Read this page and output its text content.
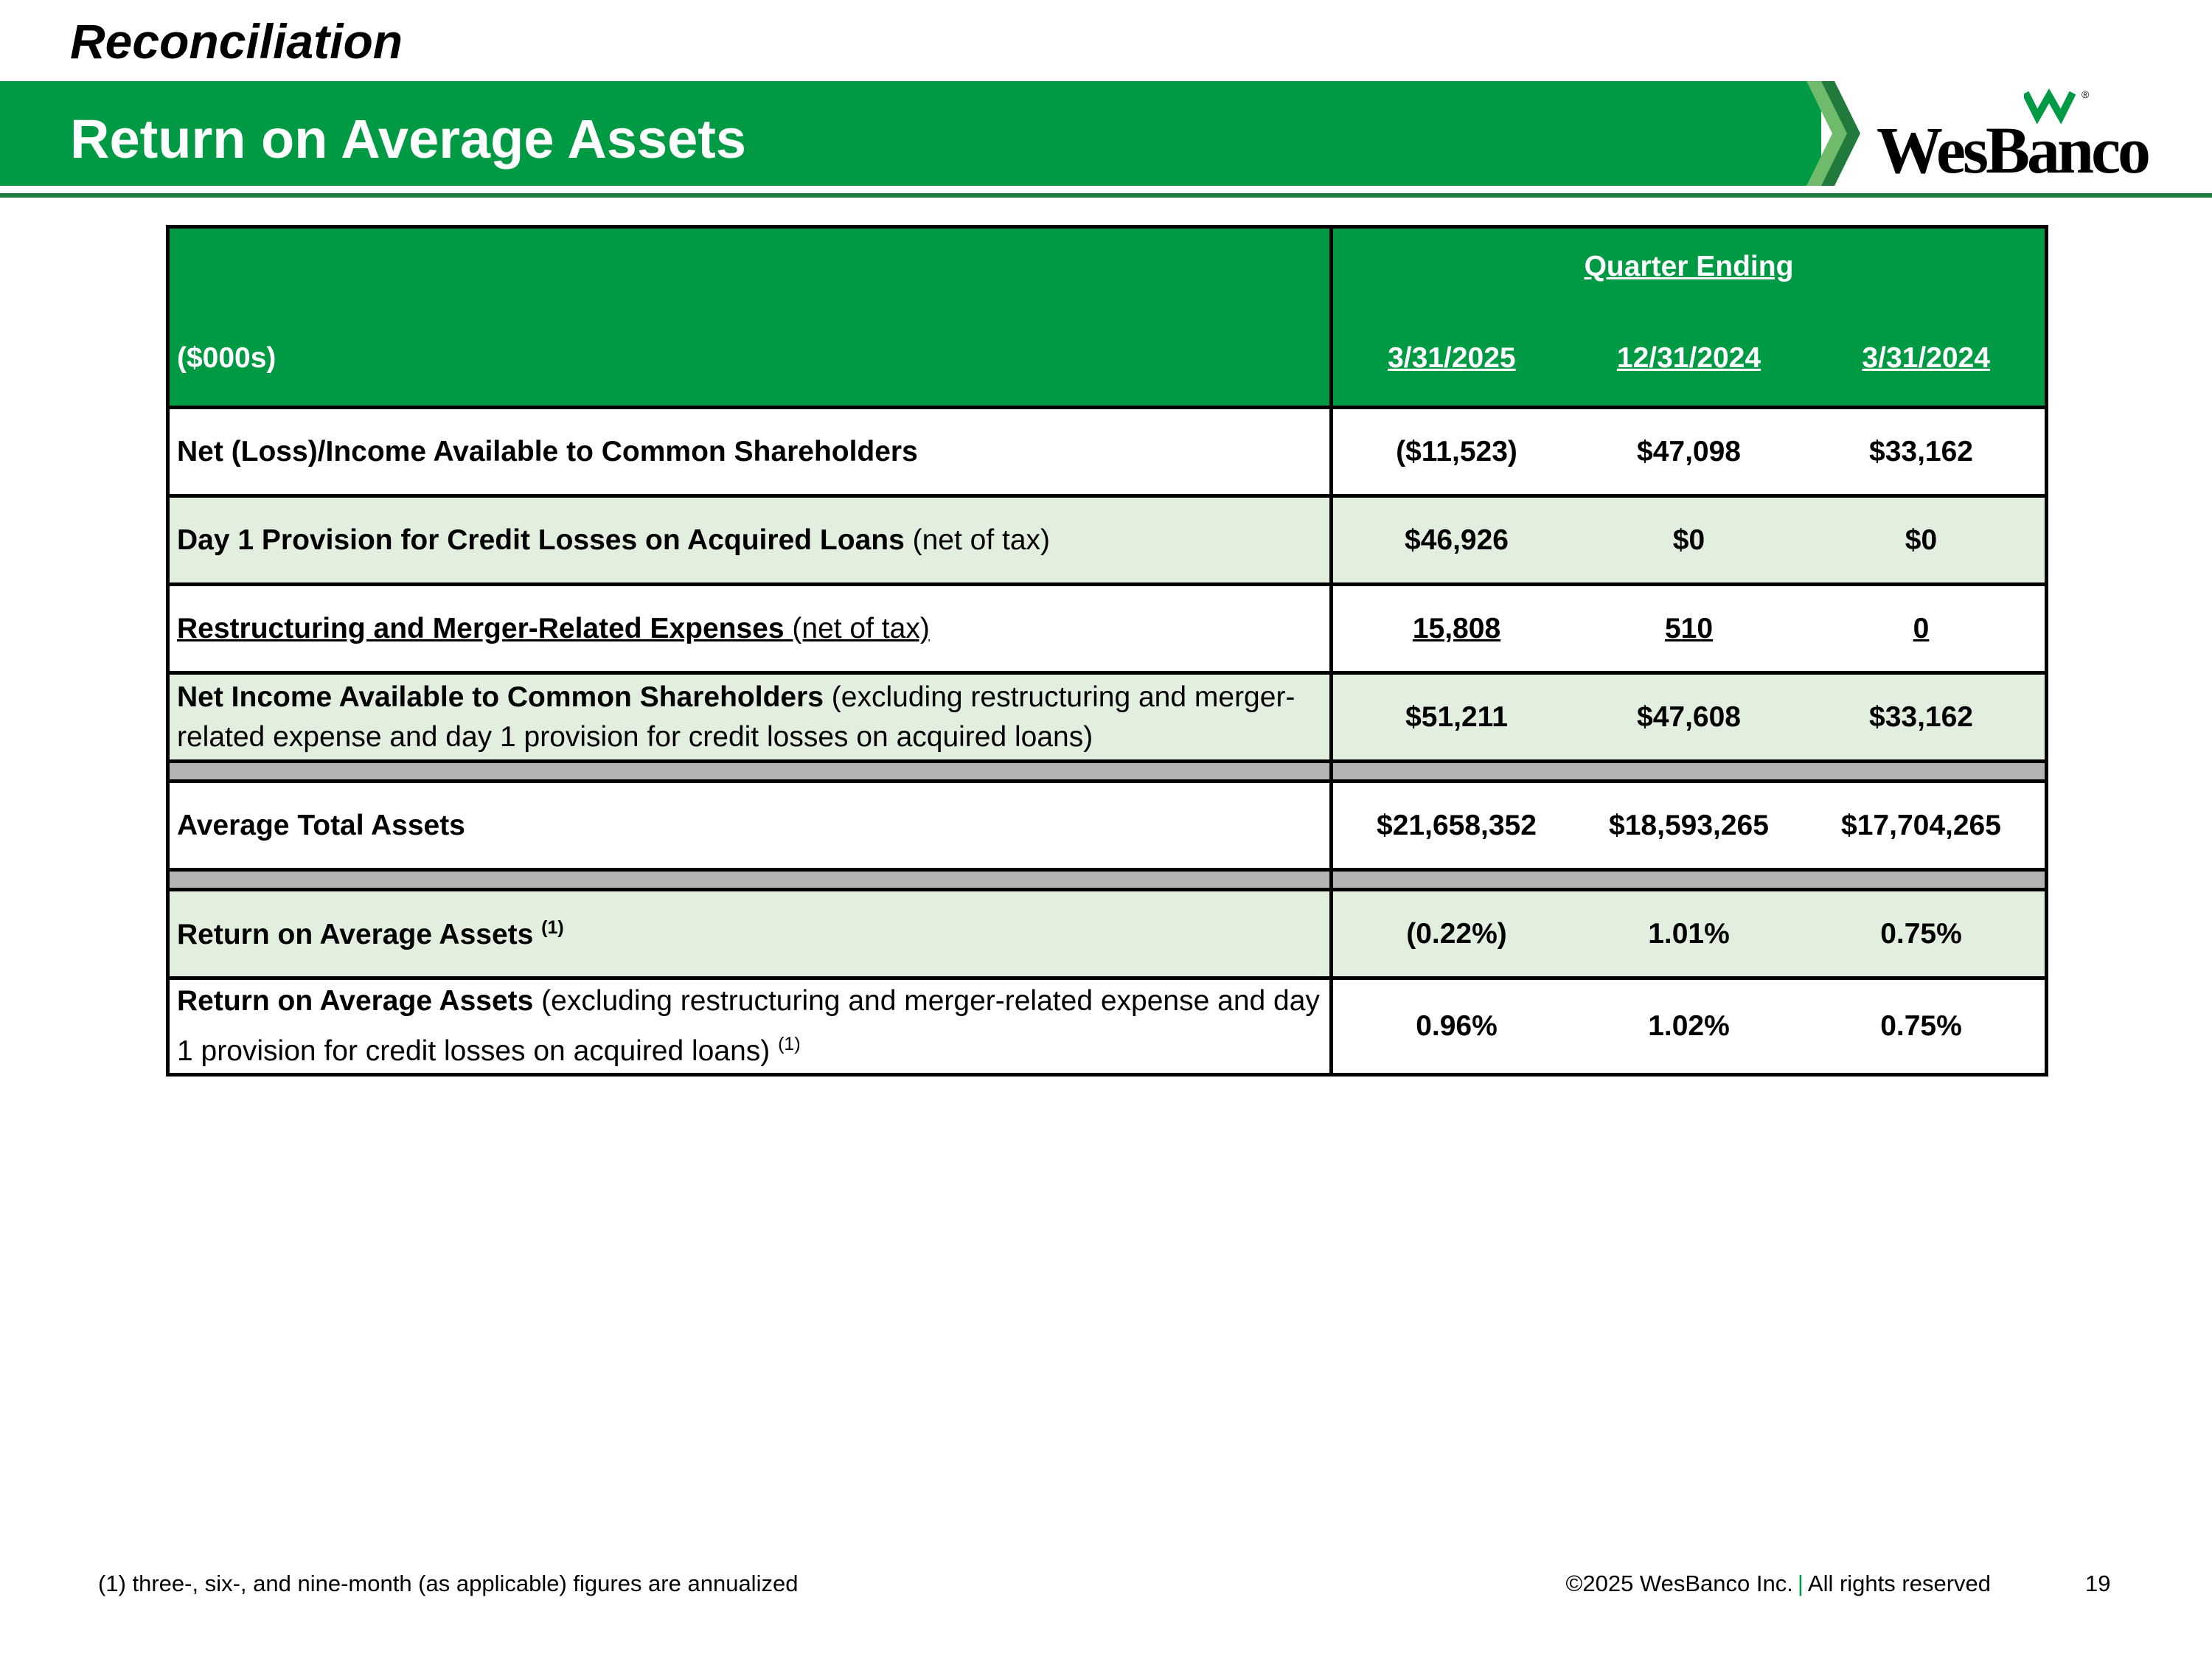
Reconciliation
Return on Average Assets
®
WesBanco
($000s)	Quarter Ending
3/31/2025 12/31/2024 3/31/2024

Net (Loss)/Income Available to Common Shareholders	($11,523) $47,098 $33,162

Day 1 Provision for Credit Losses on Acquired Loans (net of tax)	$46,926 $0 $0

Restructuring and Merger-Related Expenses (net of tax)	15,808 510 0

Net Income Available to Common Shareholders (excluding restructuring and merger-related expense and day 1 provision for credit losses on acquired loans)	$51,211 $47,608 $33,162

Average Total Assets	$21,658,352 $18,593,265 $17,704,265

Return on Average Assets $^{(1)}$	(0.22%) 1.01% 0.75%

Return on Average Assets (excluding restructuring and merger-related expense and day 1 provision for credit losses on acquired loans) $^{(1)}$	0.96% 1.02% 0.75%
(1) three-, six-, and nine-month (as applicable) figures are annualized	©2025 WesBanco Inc. | All rights reserved	19
